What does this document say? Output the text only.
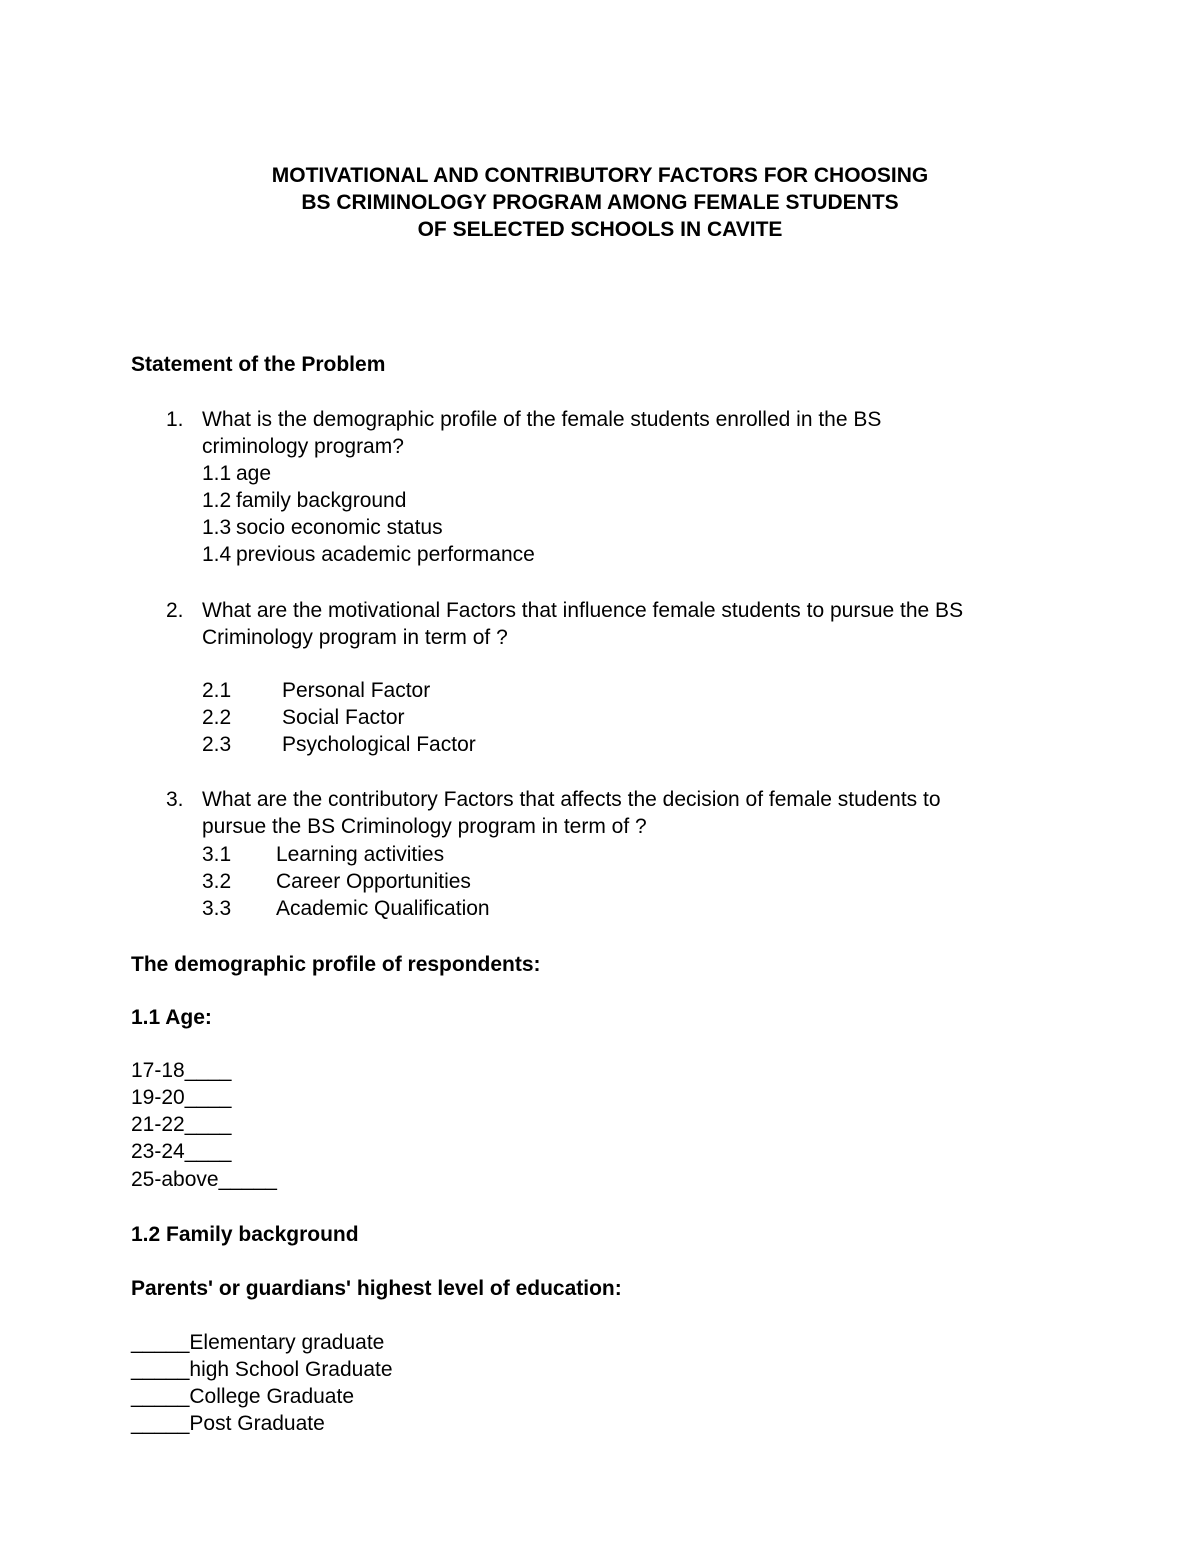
MOTIVATIONAL AND CONTRIBUTORY FACTORS FOR CHOOSING
BS CRIMINOLOGY PROGRAM AMONG FEMALE STUDENTS
OF SELECTED SCHOOLS IN CAVITE
Statement of the Problem
1. What is the demographic profile of the female students enrolled in the BS
criminology program?
1.1 age
1.2 family background
1.3 socio economic status
1.4 previous academic performance
2. What are the motivational Factors that influence female students to pursue the BS
Criminology program in term of ?
2.1 Personal Factor
2.2 Social Factor
2.3 Psychological Factor
3. What are the contributory Factors that affects the decision of female students to
pursue the BS Criminology program in term of ?
3.1 Learning activities
3.2 Career Opportunities
3.3 Academic Qualification
The demographic profile of respondents:
1.1 Age:
17-18____
19-20____
21-22____
23-24____
25-above_____
1.2 Family background
Parents' or guardians' highest level of education:
_____Elementary graduate
_____high School Graduate
_____College Graduate
_____Post Graduate
